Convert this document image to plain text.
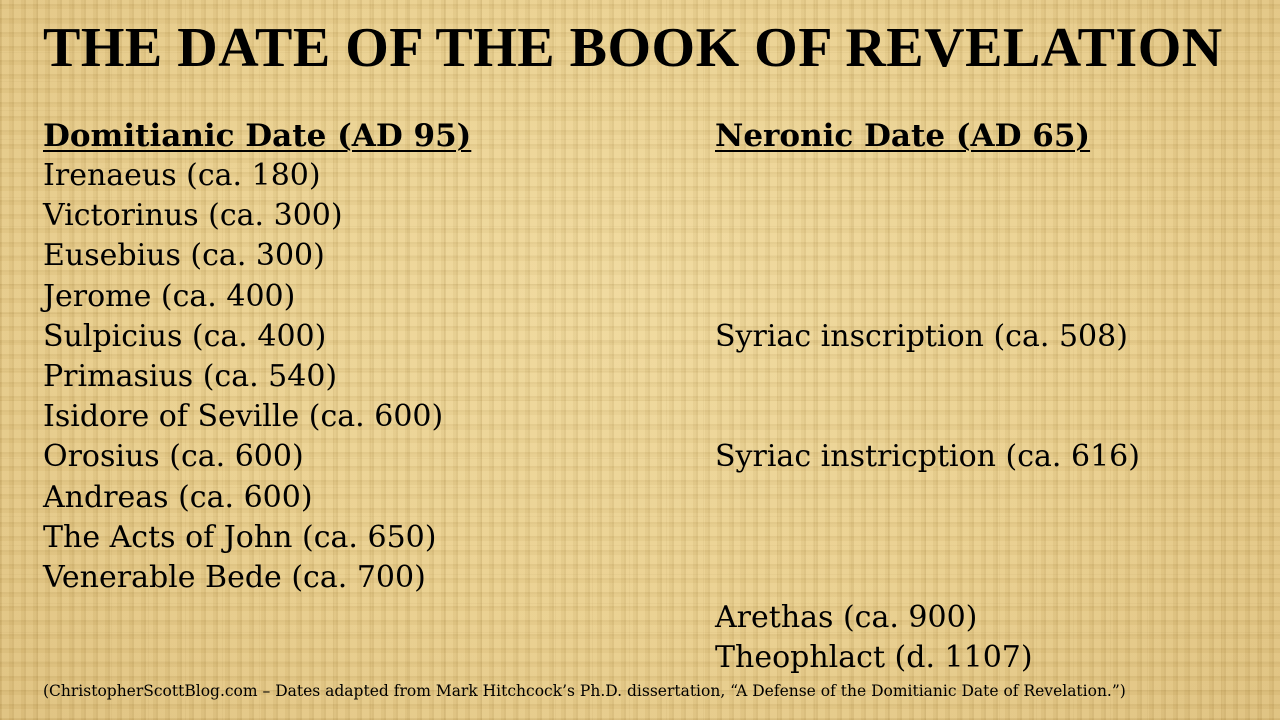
THE DATE OF THE BOOK OF REVELATION
Domitianic Date (AD 95)
Irenaeus (ca. 180)
Victorinus (ca. 300)
Eusebius (ca. 300)
Jerome (ca. 400)
Sulpicius (ca. 400)
Primasius (ca. 540)
Isidore of Seville (ca. 600)
Orosius (ca. 600)
Andreas (ca. 600)
The Acts of John (ca. 650)
Venerable Bede (ca. 700)
Neronic Date (AD 65)
Syriac inscription (ca. 508)
Syriac instricption (ca. 616)
Arethas (ca. 900)
Theophlact (d. 1107)
(ChristopherScottBlog.com – Dates adapted from Mark Hitchcock’s Ph.D. dissertation, “A Defense of the Domitianic Date of Revelation.”)
